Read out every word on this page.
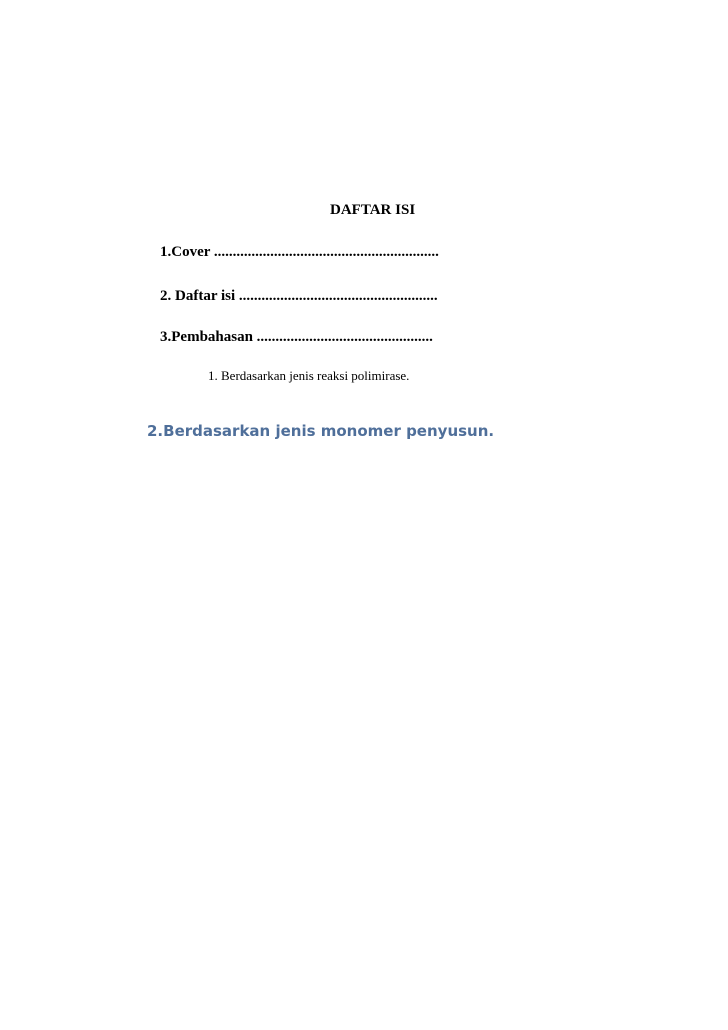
DAFTAR ISI
1.Cover ............................................................
2. Daftar isi .....................................................
3.Pembahasan ...............................................
1. Berdasarkan jenis reaksi polimirase.
2.Berdasarkan jenis monomer penyusun.
